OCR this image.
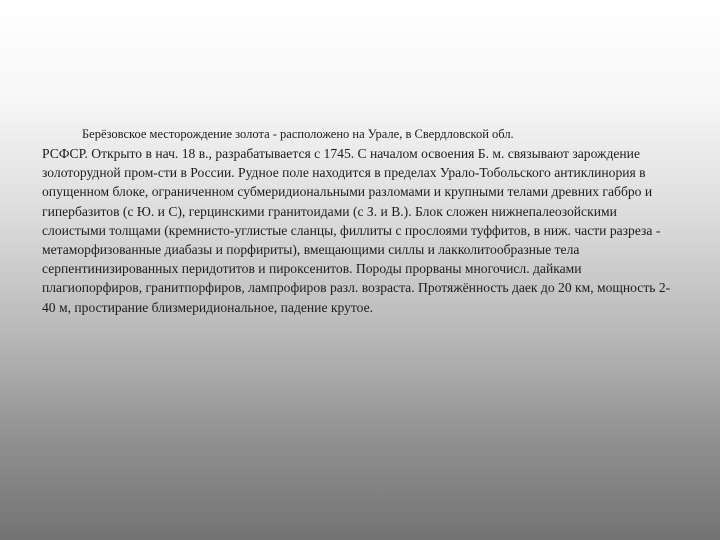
Берёзовское месторождение золота - расположено на Урале, в Свердловской обл.
РСФСР. Открыто в нач. 18 в., разрабатывается с 1745. С началом освоения Б. м. связывают зарождение золоторудной пром-сти в России. Рудное поле находится в пределах Урало-Тобольского антиклинория в опущенном блоке, ограниченном субмеридиональными разломами и крупными телами древних габбро и гипербазитов (с Ю. и С), герцинскими гранитоидами (с З. и В.). Блок сложен нижнепалеозойскими слоистыми толщами (кремнисто-углистые сланцы, филлиты с прослоями туффитов, в ниж. части разреза - метаморфизованные диабазы и порфириты), вмещающими силлы и лакколитообразные тела серпентинизированных перидотитов и пироксенитов. Породы прорваны многочисл. дайками плагиопорфиров, гранитпорфиров, лампрофиров разл. возраста. Протяжённость даек до 20 км, мощность 2-40 м, простирание близмеридиональное, падение крутое.
